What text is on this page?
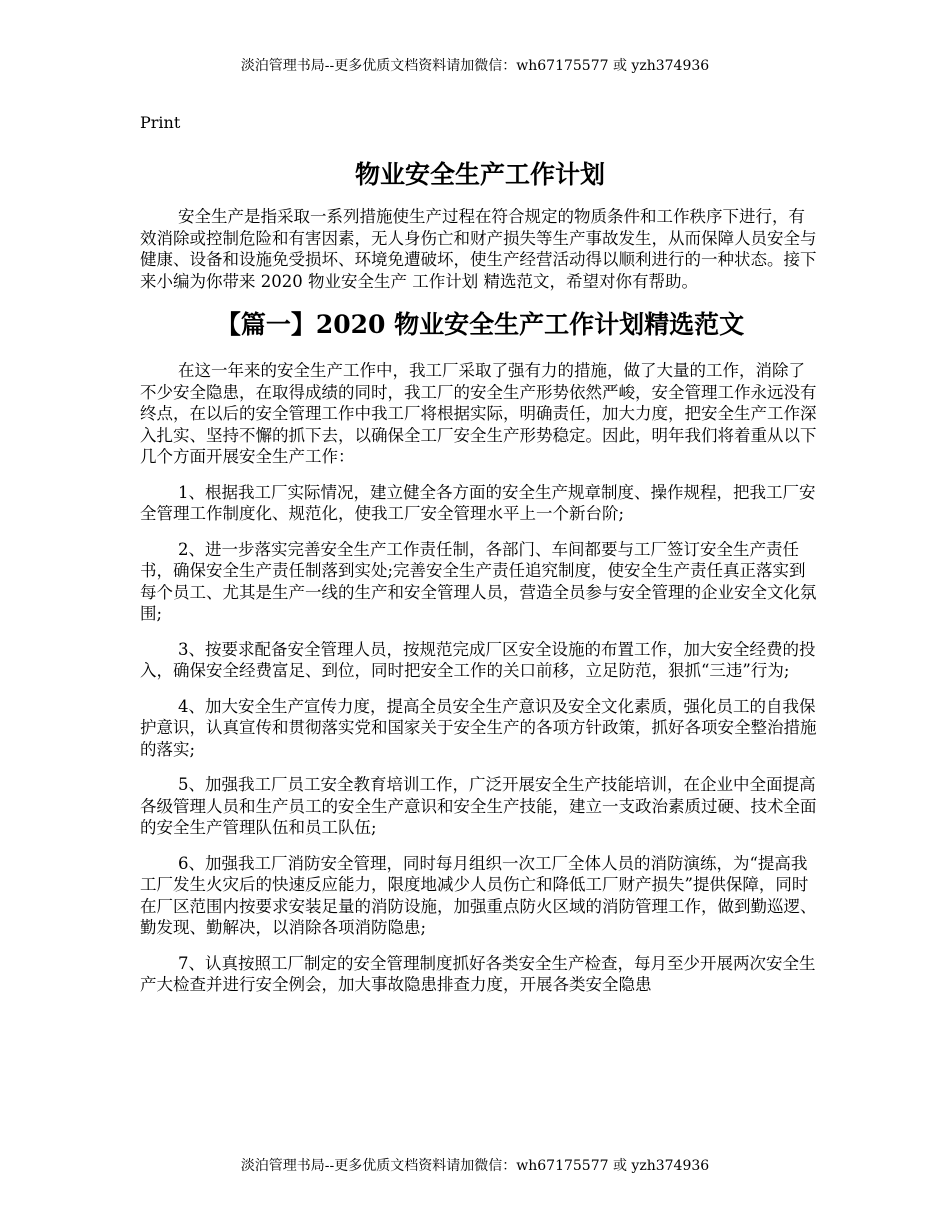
淡泊管理书局--更多优质文档资料请加微信：wh67175577 或 yzh374936
Print
物业安全生产工作计划

安全生产是指采取一系列措施使生产过程在符合规定的物质条件和工作秩序下进行，有效消除或控制危险和有害因素，无人身伤亡和财产损失等生产事故发生，从而保障人员安全与健康、设备和设施免受损坏、环境免遭破坏，使生产经营活动得以顺利进行的一种状态。接下来小编为你带来 2020 物业安全生产 工作计划 精选范文，希望对你有帮助。

【篇一】2020 物业安全生产工作计划精选范文

在这一年来的安全生产工作中，我工厂采取了强有力的措施，做了大量的工作，消除了不少安全隐患，在取得成绩的同时，我工厂的安全生产形势依然严峻，安全管理工作永远没有终点，在以后的安全管理工作中我工厂将根据实际，明确责任，加大力度，把安全生产工作深入扎实、坚持不懈的抓下去，以确保全工厂安全生产形势稳定。因此，明年我们将着重从以下几个方面开展安全生产工作：

1、根据我工厂实际情况，建立健全各方面的安全生产规章制度、操作规程，把我工厂安全管理工作制度化、规范化，使我工厂安全管理水平上一个新台阶;

2、进一步落实完善安全生产工作责任制，各部门、车间都要与工厂签订安全生产责任书，确保安全生产责任制落到实处;完善安全生产责任追究制度，使安全生产责任真正落实到每个员工、尤其是生产一线的生产和安全管理人员，营造全员参与安全管理的企业安全文化氛围;

3、按要求配备安全管理人员，按规范完成厂区安全设施的布置工作，加大安全经费的投入，确保安全经费富足、到位，同时把安全工作的关口前移，立足防范，狠抓“三违”行为;

4、加大安全生产宣传力度，提高全员安全生产意识及安全文化素质，强化员工的自我保护意识，认真宣传和贯彻落实党和国家关于安全生产的各项方针政策，抓好各项安全整治措施的落实;

5、加强我工厂员工安全教育培训工作，广泛开展安全生产技能培训，在企业中全面提高各级管理人员和生产员工的安全生产意识和安全生产技能，建立一支政治素质过硬、技术全面的安全生产管理队伍和员工队伍;

6、加强我工厂消防安全管理，同时每月组织一次工厂全体人员的消防演练，为“提高我工厂发生火灾后的快速反应能力，限度地减少人员伤亡和降低工厂财产损失”提供保障，同时在厂区范围内按要求安装足量的消防设施，加强重点防火区域的消防管理工作，做到勤巡逻、勤发现、勤解决，以消除各项消防隐患;

7、认真按照工厂制定的安全管理制度抓好各类安全生产检查，每月至少开展两次安全生产大检查并进行安全例会，加大事故隐患排查力度，开展各类安全隐患

淡泊管理书局--更多优质文档资料请加微信：wh67175577 或 yzh374936
